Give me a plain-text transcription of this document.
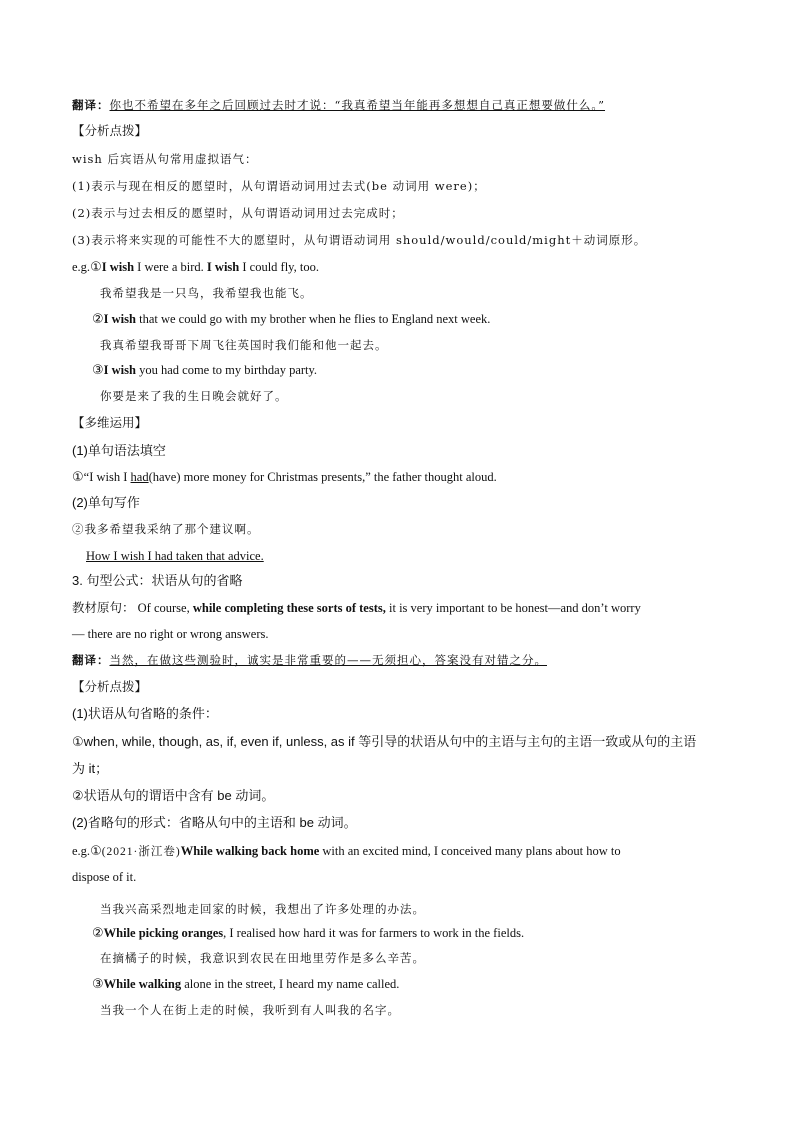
翻译：你也不希望在多年之后回顾过去时才说：“我真希望当年能再多想想自己真正想要做什么。”
【分析点拨】
wish 后宾语从句常用虚拟语气：
(1)表示与现在相反的愿望时，从句谓语动词用过去式(be 动词用 were)；
(2)表示与过去相反的愿望时，从句谓语动词用过去完成时；
(3)表示将来实现的可能性不大的愿望时，从句谓语动词用 should/would/could/might＋动词原形。
e.g.①I wish I were a bird. I wish I could fly, too.
我希望我是一只鸟，我希望我也能飞。
②I wish that we could go with my brother when he flies to England next week.
我真希望我哥哥下周飞往英国时我们能和他一起去。
③I wish you had come to my birthday party.
你要是来了我的生日晚会就好了。
【多维运用】
(1)单句语法填空
①“I wish I had(have) more money for Christmas presents,” the father thought aloud.
(2)单句写作
②我多希望我采纳了那个建议啊。
How I wish I had taken that advice.
3. 句型公式：状语从句的省略
教材原句： Of course, while completing these sorts of tests, it is very important to be honest—and don’t worry
— there are no right or wrong answers.
翻译：当然，在做这些测验时，诚实是非常重要的——无须担心，答案没有对错之分。
【分析点拨】
(1)状语从句省略的条件：
①when, while, though, as, if, even if, unless, as if 等引导的状语从句中的主语与主句的主语一致或从句的主语
为 it；
②状语从句的谓语中含有 be 动词。
(2)省略句的形式：省略从句中的主语和 be 动词。
e.g.①(2021·浙江卷)While walking back home with an excited mind, I conceived many plans about how to
dispose of it.
当我兴高采烈地走回家的时候，我想出了许多处理的办法。
②While picking oranges, I realised how hard it was for farmers to work in the fields.
在摘橘子的时候，我意识到农民在田地里劳作是多么辛苦。
③While walking alone in the street, I heard my name called.
当我一个人在街上走的时候，我听到有人叫我的名字。
